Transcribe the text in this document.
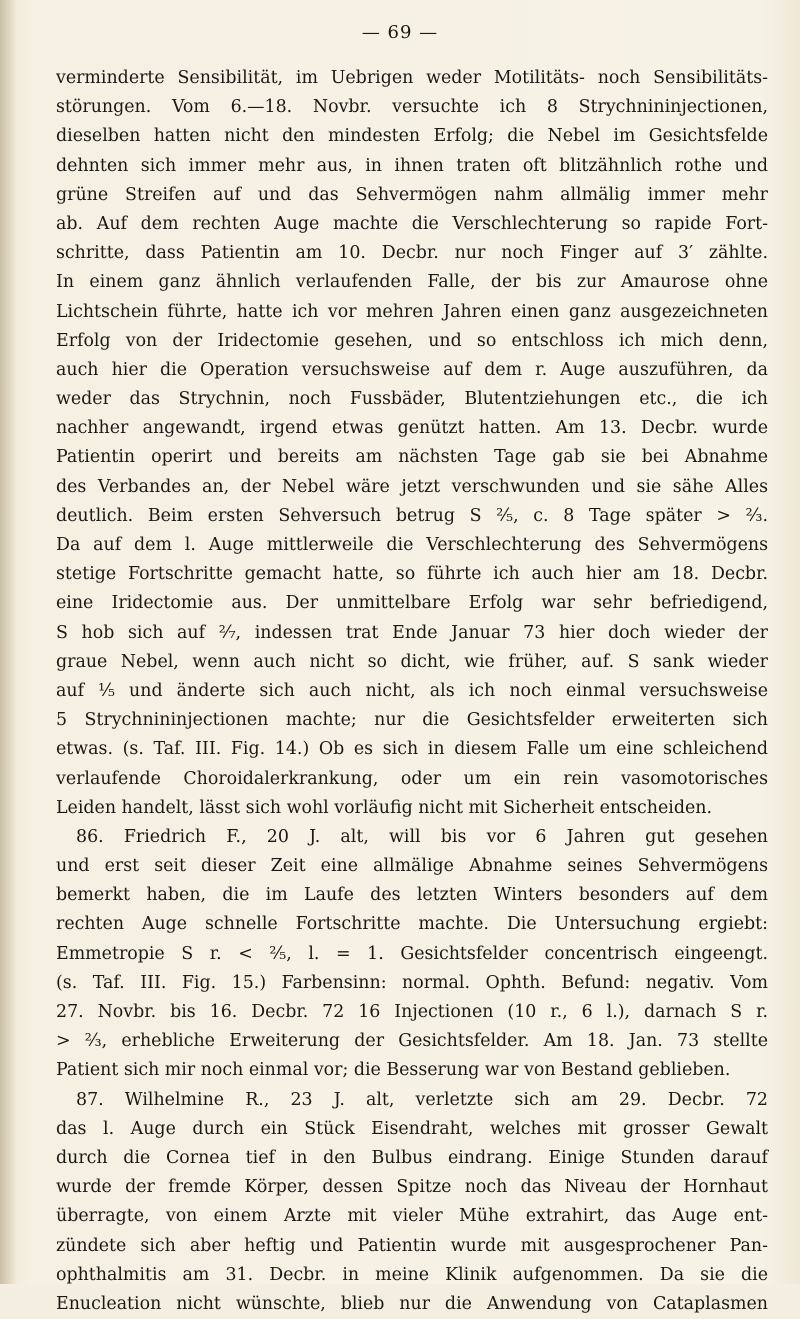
— 69 —
verminderte Sensibilität, im Uebrigen weder Motilitäts- noch Sensibilitäts-
störungen. Vom 6.—18. Novbr. versuchte ich 8 Strychnininjectionen,
dieselben hatten nicht den mindesten Erfolg; die Nebel im Gesichtsfelde
dehnten sich immer mehr aus, in ihnen traten oft blitzähnlich rothe und
grüne Streifen auf und das Sehvermögen nahm allmälig immer mehr
ab. Auf dem rechten Auge machte die Verschlechterung so rapide Fort-
schritte, dass Patientin am 10. Decbr. nur noch Finger auf 3′ zählte.
In einem ganz ähnlich verlaufenden Falle, der bis zur Amaurose ohne
Lichtschein führte, hatte ich vor mehren Jahren einen ganz ausgezeichneten
Erfolg von der Iridectomie gesehen, und so entschloss ich mich denn,
auch hier die Operation versuchsweise auf dem r. Auge auszuführen, da
weder das Strychnin, noch Fussbäder, Blutentziehungen etc., die ich
nachher angewandt, irgend etwas genützt hatten. Am 13. Decbr. wurde
Patientin operirt und bereits am nächsten Tage gab sie bei Abnahme
des Verbandes an, der Nebel wäre jetzt verschwunden und sie sähe Alles
deutlich. Beim ersten Sehversuch betrug S ²⁄₅, c. 8 Tage später > ²⁄₃.
Da auf dem l. Auge mittlerweile die Verschlechterung des Sehvermögens
stetige Fortschritte gemacht hatte, so führte ich auch hier am 18. Decbr.
eine Iridectomie aus. Der unmittelbare Erfolg war sehr befriedigend,
S hob sich auf ²⁄₇, indessen trat Ende Januar 73 hier doch wieder der
graue Nebel, wenn auch nicht so dicht, wie früher, auf. S sank wieder
auf ¹⁄₅ und änderte sich auch nicht, als ich noch einmal versuchsweise
5 Strychnininjectionen machte; nur die Gesichtsfelder erweiterten sich
etwas. (s. Taf. III. Fig. 14.) Ob es sich in diesem Falle um eine schleichend
verlaufende Choroidalerkrankung, oder um ein rein vasomotorisches
Leiden handelt, lässt sich wohl vorläufig nicht mit Sicherheit entscheiden.
86. Friedrich F., 20 J. alt, will bis vor 6 Jahren gut gesehen
und erst seit dieser Zeit eine allmälige Abnahme seines Sehvermögens
bemerkt haben, die im Laufe des letzten Winters besonders auf dem
rechten Auge schnelle Fortschritte machte. Die Untersuchung ergiebt:
Emmetropie S r. < ²⁄₅, l. = 1. Gesichtsfelder concentrisch eingeengt.
(s. Taf. III. Fig. 15.) Farbensinn: normal. Ophth. Befund: negativ. Vom
27. Novbr. bis 16. Decbr. 72 16 Injectionen (10 r., 6 l.), darnach S r.
> ²⁄₃, erhebliche Erweiterung der Gesichtsfelder. Am 18. Jan. 73 stellte
Patient sich mir noch einmal vor; die Besserung war von Bestand geblieben.
87. Wilhelmine R., 23 J. alt, verletzte sich am 29. Decbr. 72
das l. Auge durch ein Stück Eisendraht, welches mit grosser Gewalt
durch die Cornea tief in den Bulbus eindrang. Einige Stunden darauf
wurde der fremde Körper, dessen Spitze noch das Niveau der Hornhaut
überragte, von einem Arzte mit vieler Mühe extrahirt, das Auge ent-
zündete sich aber heftig und Patientin wurde mit ausgesprochener Pan-
ophthalmitis am 31. Decbr. in meine Klinik aufgenommen. Da sie die
Enucleation nicht wünschte, blieb nur die Anwendung von Cataplasmen
